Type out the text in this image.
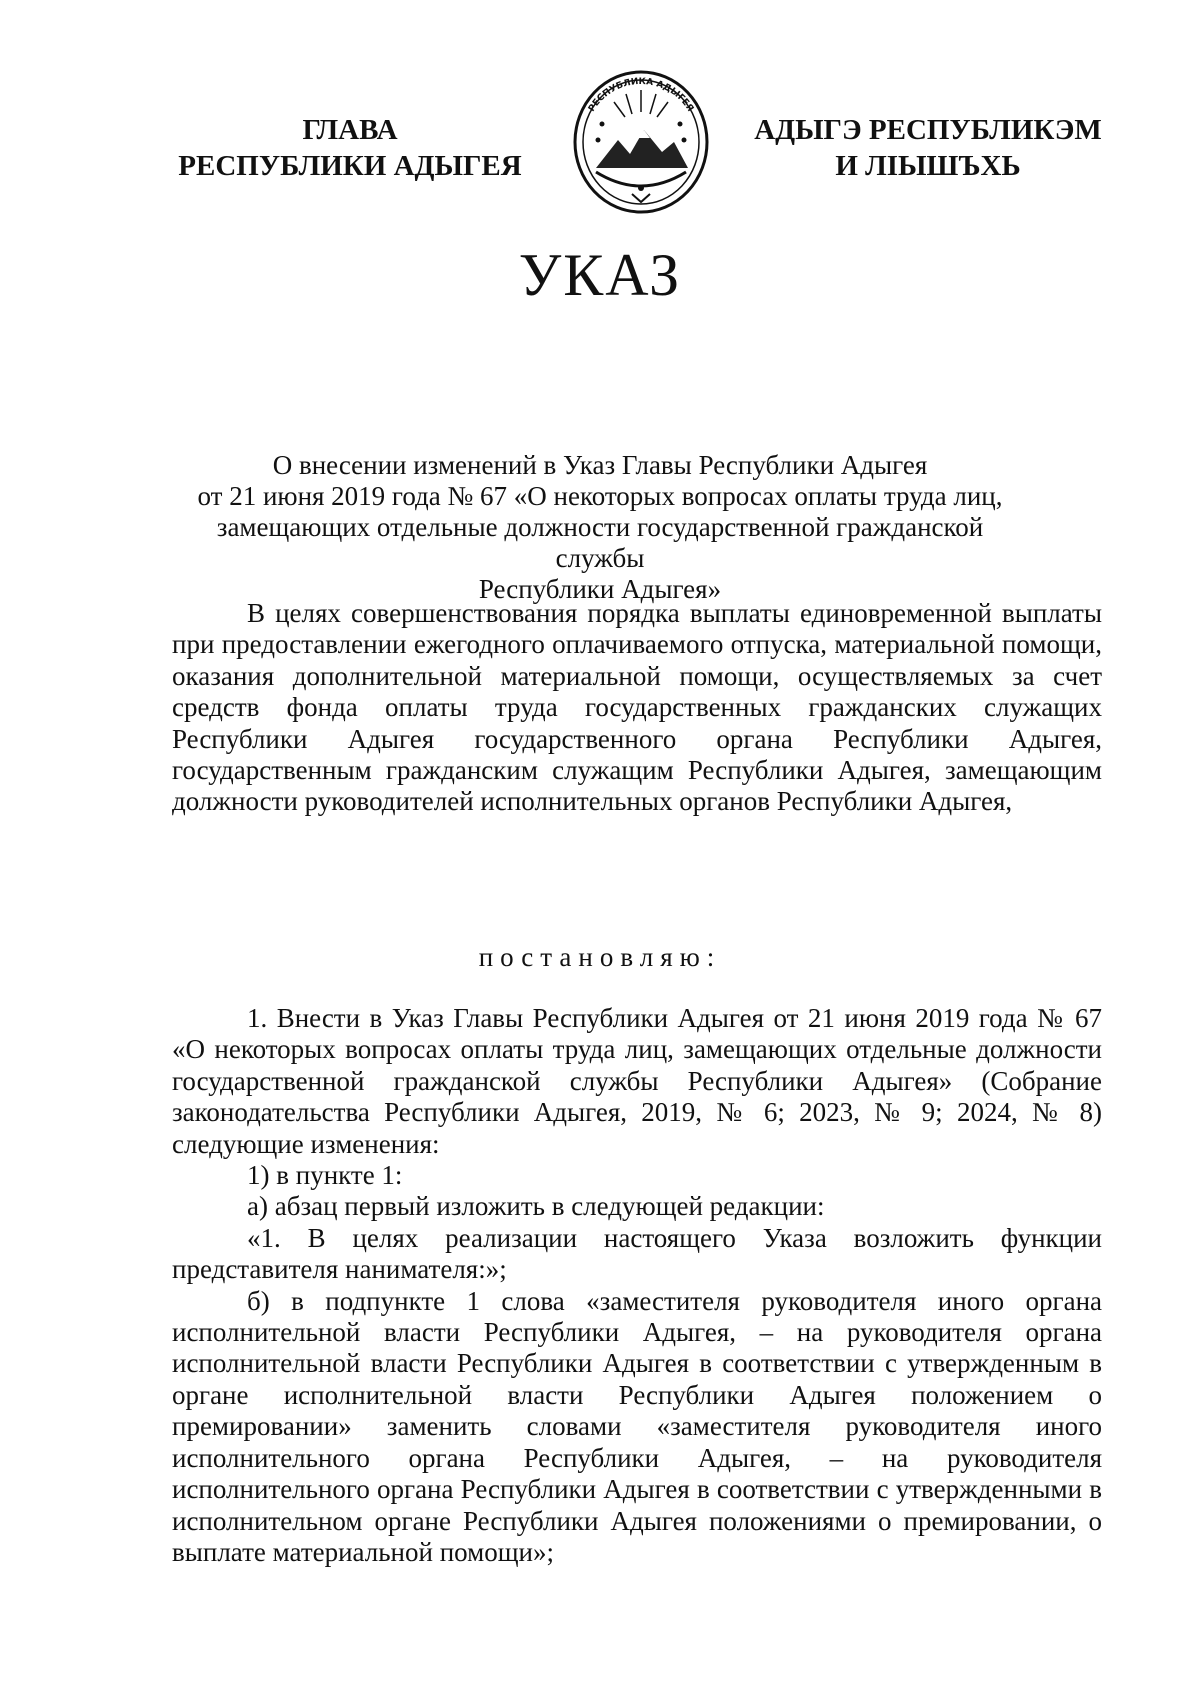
ГЛАВА
РЕСПУБЛИКИ АДЫГЕЯ
РЕСПУБЛИКА АДЫГЕЯ
АДЫГЭ РЕСПУБЛИКЭМ
И ЛІЫШЪХЬ
УКАЗ
О внесении изменений в Указ Главы Республики Адыгея
от 21 июня 2019 года № 67 «О некоторых вопросах оплаты труда лиц,
замещающих отдельные должности государственной гражданской службы
Республики Адыгея»

В целях совершенствования порядка выплаты единовременной выплаты при предоставлении ежегодного оплачиваемого отпуска, материальной помощи, оказания дополнительной материальной помощи, осуществляемых за счет средств фонда оплаты труда государственных гражданских служащих Республики Адыгея государственного органа Республики Адыгея, государственным гражданским служащим Республики Адыгея, замещающим должности руководителей исполнительных органов Республики Адыгея,

постановляю:

1. Внести в Указ Главы Республики Адыгея от 21 июня 2019 года № 67 «О некоторых вопросах оплаты труда лиц, замещающих отдельные должности государственной гражданской службы Республики Адыгея» (Собрание законодательства Республики Адыгея, 2019, № 6; 2023, № 9; 2024, № 8) следующие изменения:

1) в пункте 1:

а) абзац первый изложить в следующей редакции:

«1. В целях реализации настоящего Указа возложить функции представителя нанимателя:»;

б) в подпункте 1 слова «заместителя руководителя иного органа исполнительной власти Республики Адыгея, – на руководителя органа исполнительной власти Республики Адыгея в соответствии с утвержденным в органе исполнительной власти Республики Адыгея положением о премировании» заменить словами «заместителя руководителя иного исполнительного органа Республики Адыгея, – на руководителя исполнительного органа Республики Адыгея в соответствии с утвержденными в исполнительном органе Республики Адыгея положениями о премировании, о выплате материальной помощи»;
